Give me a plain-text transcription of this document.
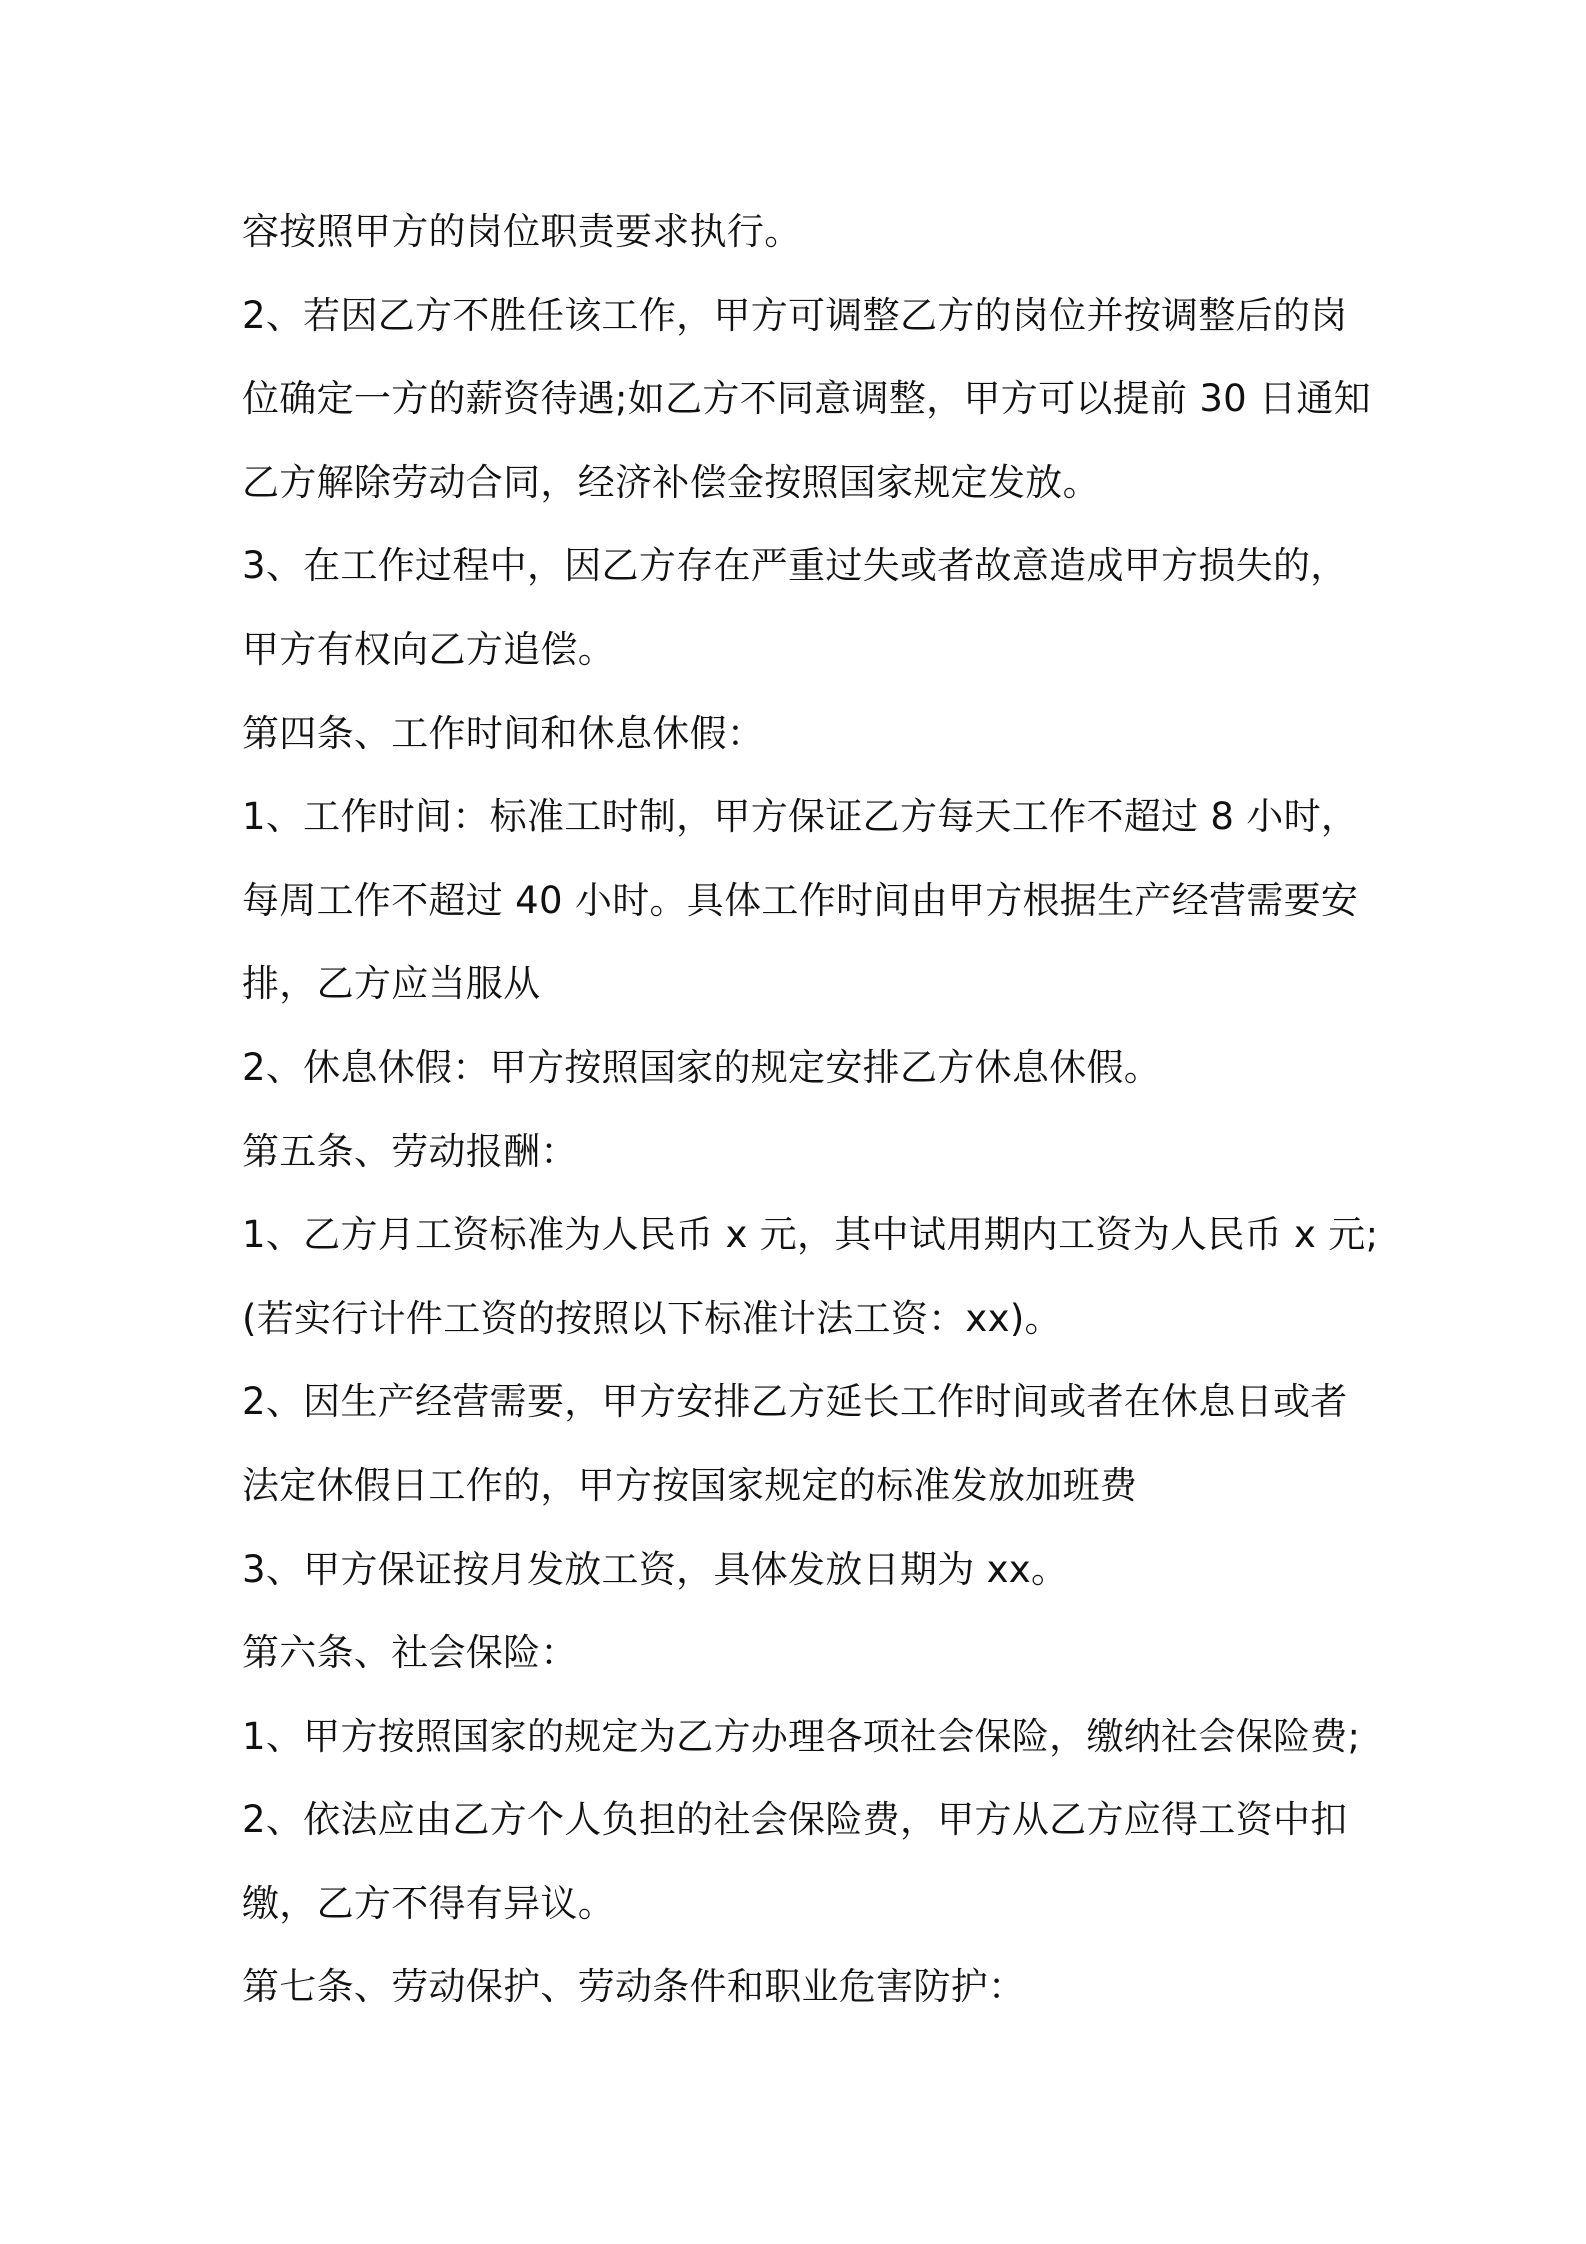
容按照甲方的岗位职责要求执行。
2、若因乙方不胜任该工作，甲方可调整乙方的岗位并按调整后的岗
位确定一方的薪资待遇;如乙方不同意调整，甲方可以提前 30 日通知
乙方解除劳动合同，经济补偿金按照国家规定发放。
3、在工作过程中，因乙方存在严重过失或者故意造成甲方损失的，
甲方有权向乙方追偿。
第四条、工作时间和休息休假：
1、工作时间：标准工时制，甲方保证乙方每天工作不超过 8 小时，
每周工作不超过 40 小时。具体工作时间由甲方根据生产经营需要安
排，乙方应当服从
2、休息休假：甲方按照国家的规定安排乙方休息休假。
第五条、劳动报酬：
1、乙方月工资标准为人民币 x 元，其中试用期内工资为人民币 x 元;
(若实行计件工资的按照以下标准计法工资：xx)。
2、因生产经营需要，甲方安排乙方延长工作时间或者在休息日或者
法定休假日工作的，甲方按国家规定的标准发放加班费
3、甲方保证按月发放工资，具体发放日期为 xx。
第六条、社会保险：
1、甲方按照国家的规定为乙方办理各项社会保险，缴纳社会保险费;
2、依法应由乙方个人负担的社会保险费，甲方从乙方应得工资中扣
缴，乙方不得有异议。
第七条、劳动保护、劳动条件和职业危害防护：
